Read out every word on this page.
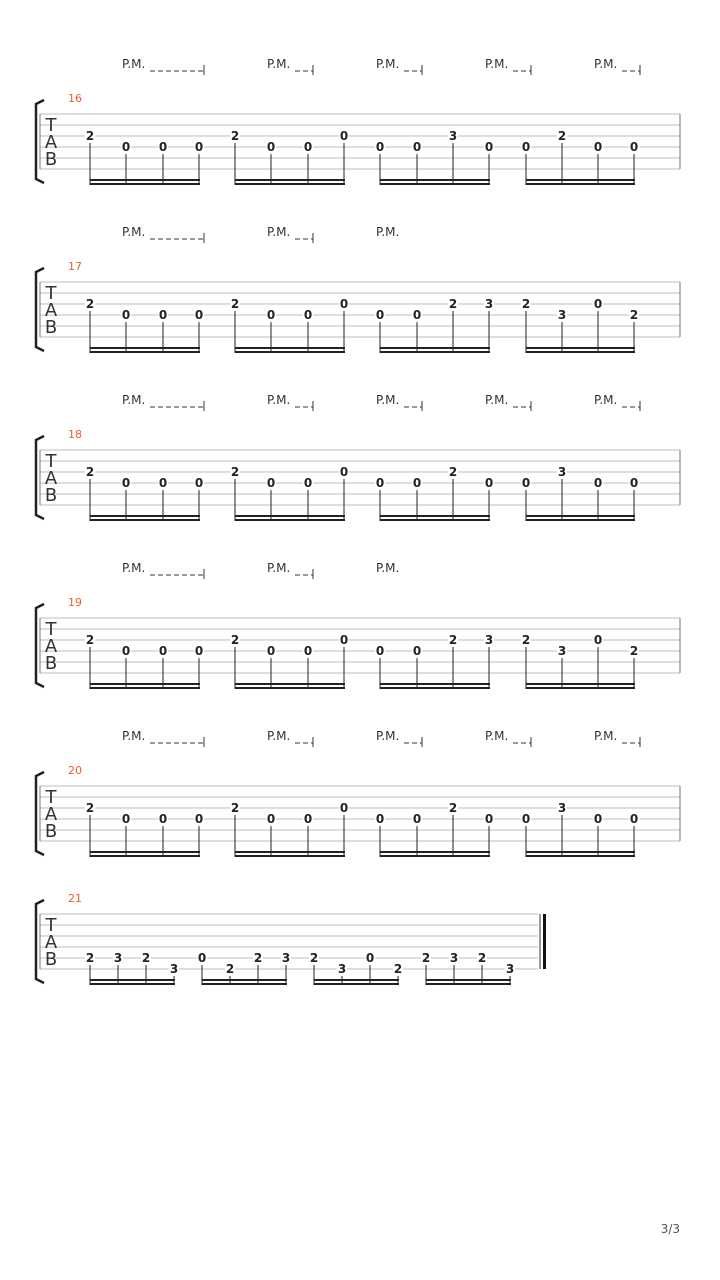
P.M.	P.M.	P.M.	P.M.	P.M.
16
T
A
B
2
0 0 0
2
0 0
0
0 0
3
0 0
2
0 0
P.M.	P.M.	P.M.
17
T
A
B
2
0 0 0
2
0 0
0
0 0
2 3 2
3
0
2
P.M.	P.M.	P.M.	P.M.	P.M.
18
T
A
B
2
0 0 0
2
0 0
0
0 0
2
0 0
3
0 0
P.M.	P.M.	P.M.
19
T
A
B
2
0 0 0
2
0 0
0
0 0
2 3 2
3
0
2
P.M.	P.M.	P.M.	P.M.	P.M.
20
T
A
B
2
0 0 0
2
0 0
0
0 0
2
0 0
3
0 0
21
T
A
B 2 3 2
3
0
2
2 3 2
3
0
2
2 3 2
3
3/3
